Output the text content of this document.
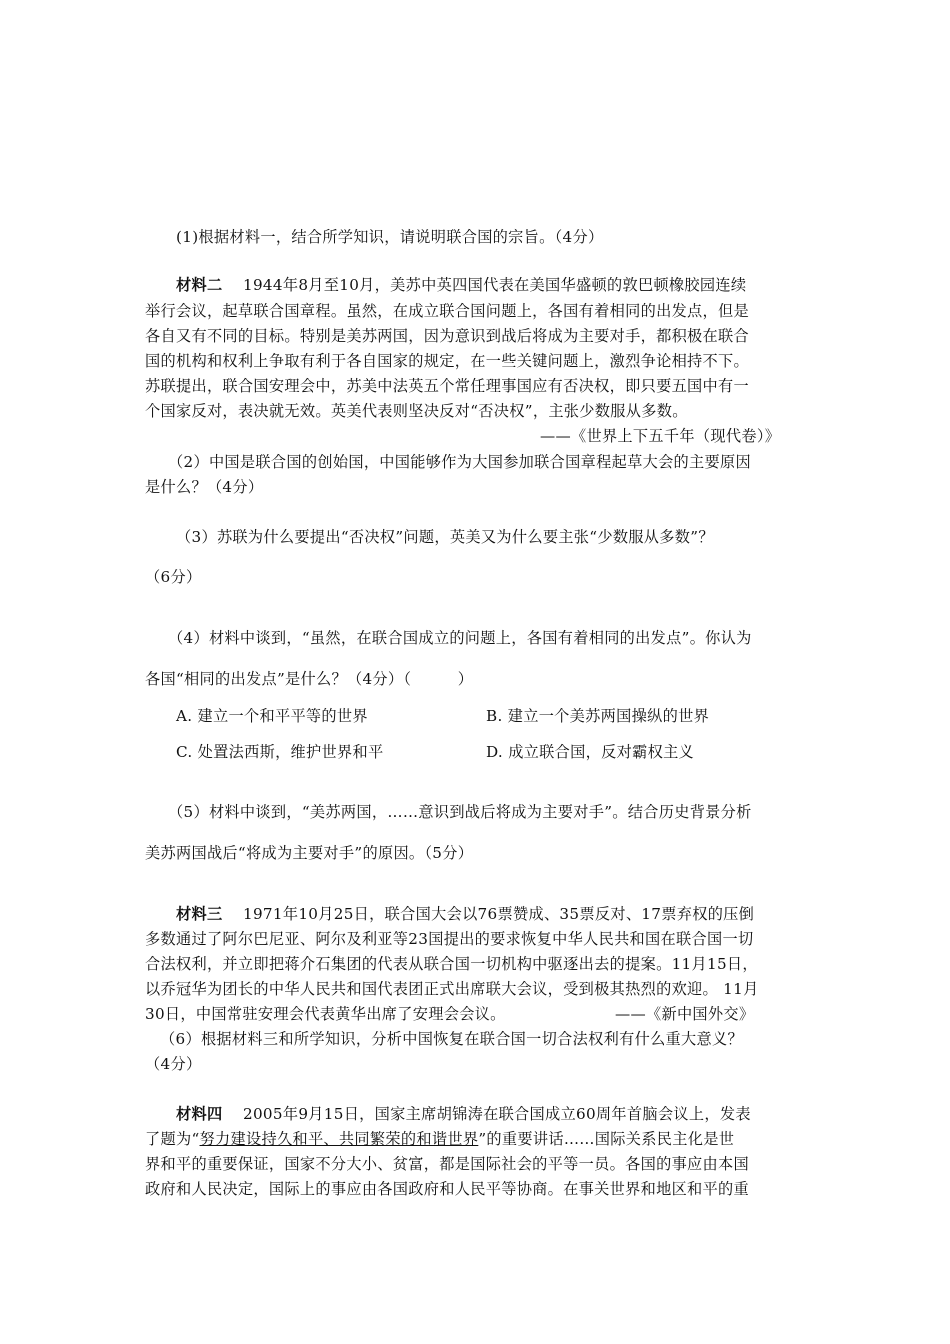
(1)根据材料一，结合所学知识，请说明联合国的宗旨。（4分）
材料二 1944年8月至10月，美苏中英四国代表在美国华盛顿的敦巴顿橡胶园连续
举行会议，起草联合国章程。虽然，在成立联合国问题上，各国有着相同的出发点，但是
各自又有不同的目标。特别是美苏两国，因为意识到战后将成为主要对手，都积极在联合
国的机构和权利上争取有利于各自国家的规定，在一些关键问题上，激烈争论相持不下。
苏联提出，联合国安理会中，苏美中法英五个常任理事国应有否决权，即只要五国中有一
个国家反对，表决就无效。英美代表则坚决反对“否决权”，主张少数服从多数。
——《世界上下五千年（现代卷）》
（2）中国是联合国的创始国，中国能够作为大国参加联合国章程起草大会的主要原因
是什么？（4分）
（3）苏联为什么要提出“否决权”问题，英美又为什么要主张“少数服从多数”？
（6分）
（4）材料中谈到，“虽然，在联合国成立的问题上，各国有着相同的出发点”。你认为
各国“相同的出发点”是什么？（4分）（　　　）
A. 建立一个和平平等的世界	B. 建立一个美苏两国操纵的世界
C. 处置法西斯，维护世界和平	D. 成立联合国，反对霸权主义
（5）材料中谈到，“美苏两国，……意识到战后将成为主要对手”。结合历史背景分析
美苏两国战后“将成为主要对手”的原因。（5分）
材料三 1971年10月25日，联合国大会以76票赞成、35票反对、17票弃权的压倒
多数通过了阿尔巴尼亚、阿尔及利亚等23国提出的要求恢复中华人民共和国在联合国一切
合法权利，并立即把蒋介石集团的代表从联合国一切机构中驱逐出去的提案。11月15日，
以乔冠华为团长的中华人民共和国代表团正式出席联大会议，受到极其热烈的欢迎。 11月
30日，中国常驻安理会代表黄华出席了安理会会议。	——《新中国外交》
（6）根据材料三和所学知识，分析中国恢复在联合国一切合法权利有什么重大意义？
（4分）
材料四 2005年9月15日，国家主席胡锦涛在联合国成立60周年首脑会议上，发表
了题为“努力建设持久和平、共同繁荣的和谐世界”的重要讲话……国际关系民主化是世
界和平的重要保证，国家不分大小、贫富，都是国际社会的平等一员。各国的事应由本国
政府和人民决定，国际上的事应由各国政府和人民平等协商。在事关世界和地区和平的重
